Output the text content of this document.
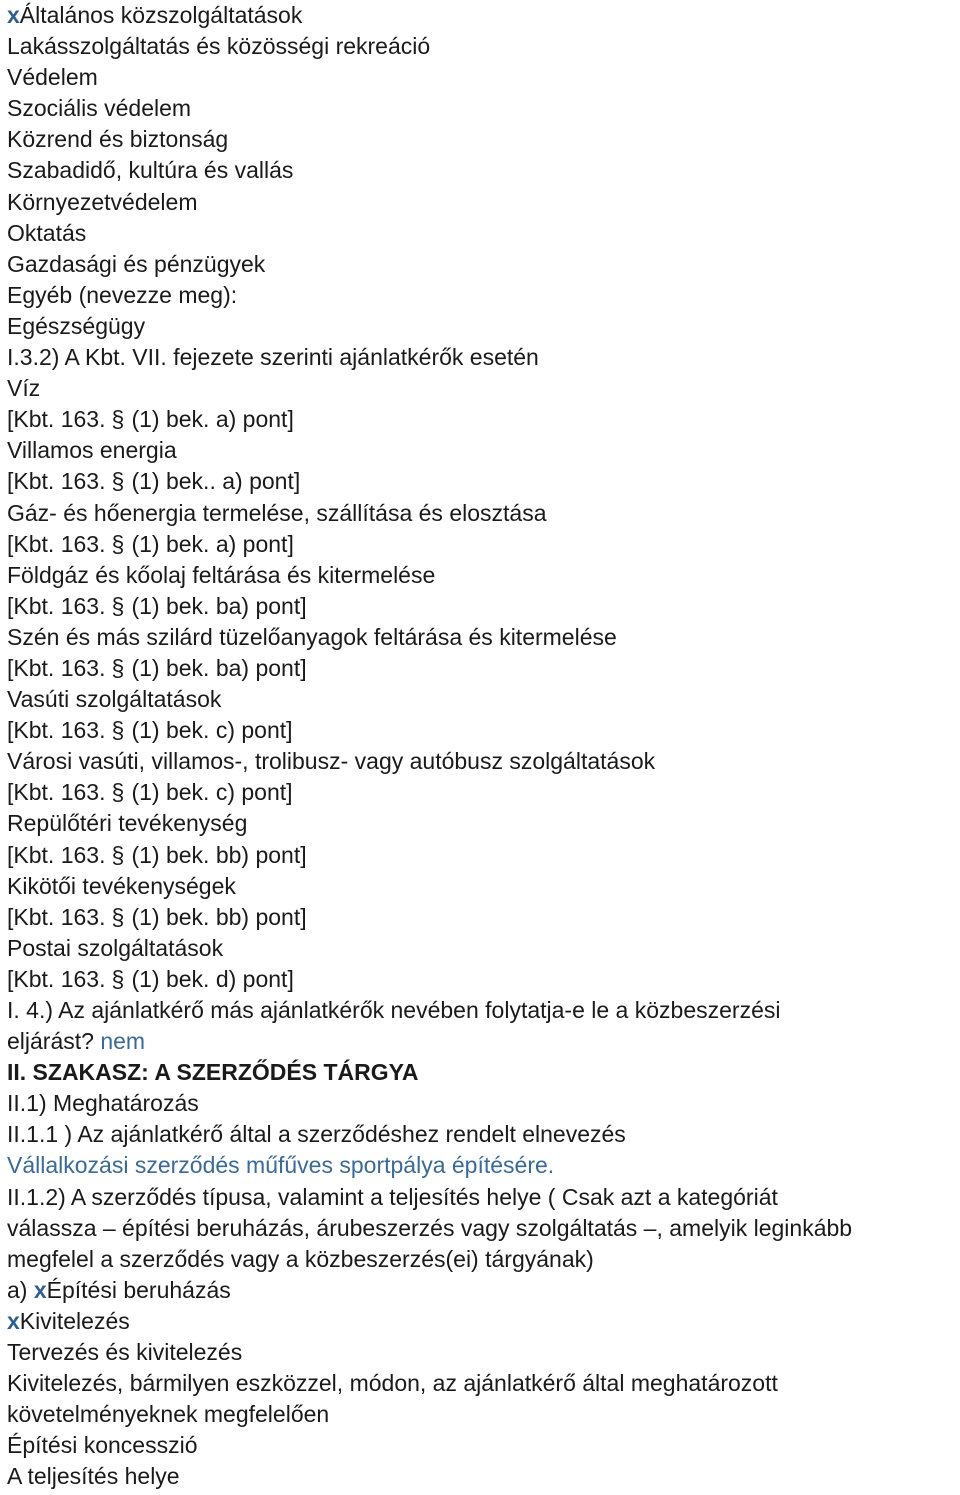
xÁltalános közszolgáltatások
Lakásszolgáltatás és közösségi rekreáció
Védelem
Szociális védelem
Közrend és biztonság
Szabadidő, kultúra és vallás
Környezetvédelem
Oktatás
Gazdasági és pénzügyek
Egyéb (nevezze meg):
Egészségügy
I.3.2) A Kbt. VII. fejezete szerinti ajánlatkérők esetén
Víz
[Kbt. 163. § (1) bek. a) pont]
Villamos energia
[Kbt. 163. § (1) bek.. a) pont]
Gáz- és hőenergia termelése, szállítása és elosztása
[Kbt. 163. § (1) bek. a) pont]
Földgáz és kőolaj feltárása és kitermelése
[Kbt. 163. § (1) bek. ba) pont]
Szén és más szilárd tüzelőanyagok feltárása és kitermelése
[Kbt. 163. § (1) bek. ba) pont]
Vasúti szolgáltatások
[Kbt. 163. § (1) bek. c) pont]
Városi vasúti, villamos-, trolibusz- vagy autóbusz szolgáltatások
[Kbt. 163. § (1) bek. c) pont]
Repülőtéri tevékenység
[Kbt. 163. § (1) bek. bb) pont]
Kikötői tevékenységek
[Kbt. 163. § (1) bek. bb) pont]
Postai szolgáltatások
[Kbt. 163. § (1) bek. d) pont]
I. 4.) Az ajánlatkérő más ajánlatkérők nevében folytatja-e le a közbeszerzési
eljárást? nem
II. SZAKASZ: A SZERZŐDÉS TÁRGYA
II.1) Meghatározás
II.1.1 ) Az ajánlatkérő által a szerződéshez rendelt elnevezés
Vállalkozási szerződés műfűves sportpálya építésére.
II.1.2) A szerződés típusa, valamint a teljesítés helye ( Csak azt a kategóriát
válassza – építési beruházás, árubeszerzés vagy szolgáltatás –, amelyik leginkább
megfelel a szerződés vagy a közbeszerzés(ei) tárgyának)
a) xÉpítési beruházás
xKivitelezés
Tervezés és kivitelezés
Kivitelezés, bármilyen eszközzel, módon, az ajánlatkérő által meghatározott
követelményeknek megfelelően
Építési koncesszió
A teljesítés helye
